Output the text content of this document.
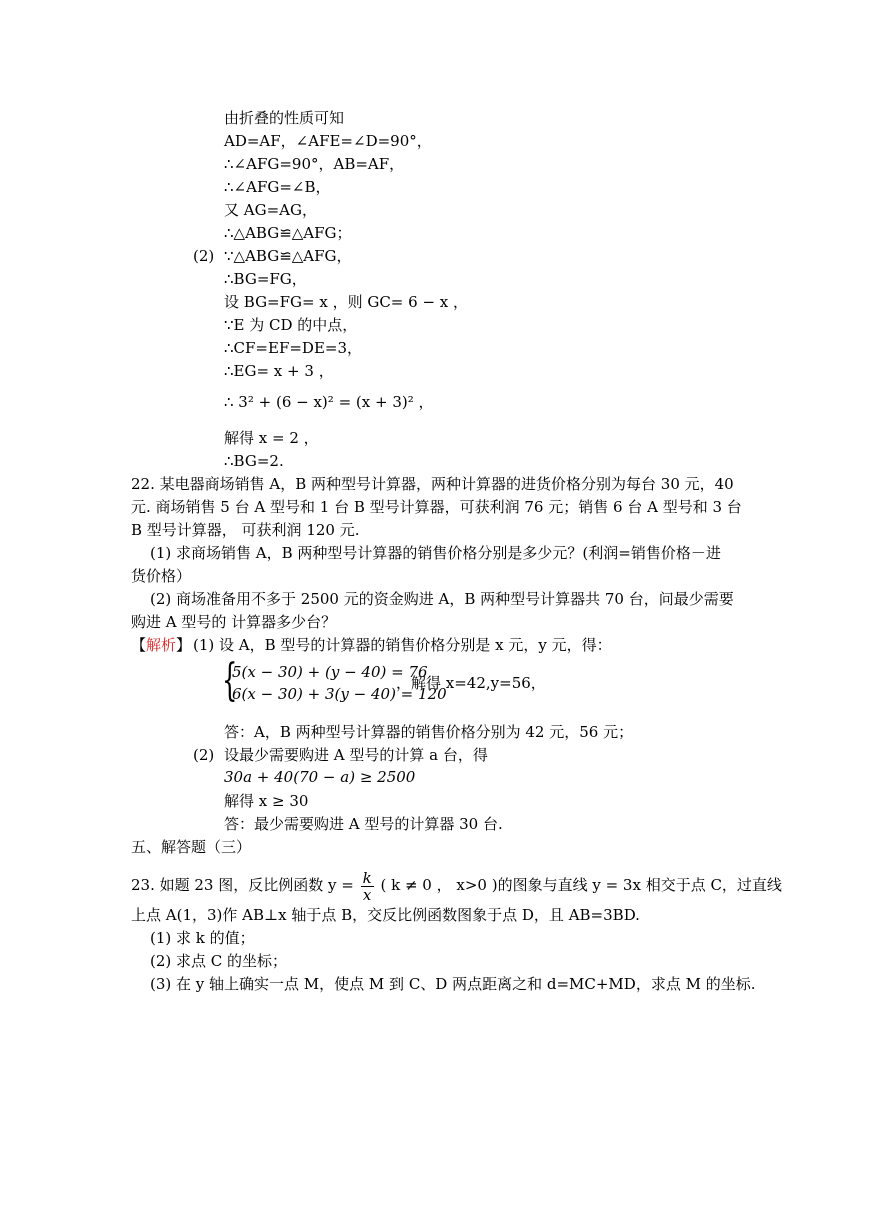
由折叠的性质可知
AD=AF，∠AFE=∠D=90°，
∴∠AFG=90°，AB=AF，
∴∠AFG=∠B，
又 AG=AG，
∴△ABG≌△AFG；
(2) ∵△ABG≌△AFG，
∴BG=FG，
设 BG=FG= x ，则 GC= 6 − x ，
∵E 为 CD 的中点，
∴CF=EF=DE=3，
∴EG= x + 3 ，
∴ 3² + (6 − x)² = (x + 3)² ，
解得 x = 2 ，
∴BG=2.
22. 某电器商场销售 A，B 两种型号计算器，两种计算器的进货价格分别为每台 30 元，40
元. 商场销售 5 台 A 型号和 1 台 B 型号计算器，可获利润 76 元；销售 6 台 A 型号和 3 台
B 型号计算器， 可获利润 120 元.
(1) 求商场销售 A，B 两种型号计算器的销售价格分别是多少元？(利润=销售价格－进
货价格）
(2) 商场准备用不多于 2500 元的资金购进 A，B 两种型号计算器共 70 台，问最少需要
购进 A 型号的 计算器多少台？
【解析】 (1) 设 A，B 型号的计算器的销售价格分别是 x 元，y 元，得：
{
5(x − 30) + (y − 40) = 76
6(x − 30) + 3(y − 40) = 120
，解得 x=42,y=56，
答：A，B 两种型号计算器的销售价格分别为 42 元，56 元；
(2) 设最少需要购进 A 型号的计算 a 台，得
30a + 40(70 − a) ≥ 2500
解得 x ≥ 30
答：最少需要购进 A 型号的计算器 30 台.
五、解答题（三）
23. 如题 23 图，反比例函数 $y = \frac{k}{x}$ ( k ≠ 0 ， x>0 )的图象与直线 y = 3x 相交于点 C，过直线
上点 A(1，3)作 AB⊥x 轴于点 B，交反比例函数图象于点 D，且 AB=3BD.
(1) 求 k 的值；
(2) 求点 C 的坐标；
(3) 在 y 轴上确实一点 M，使点 M 到 C、D 两点距离之和 d=MC+MD，求点 M 的坐标.
